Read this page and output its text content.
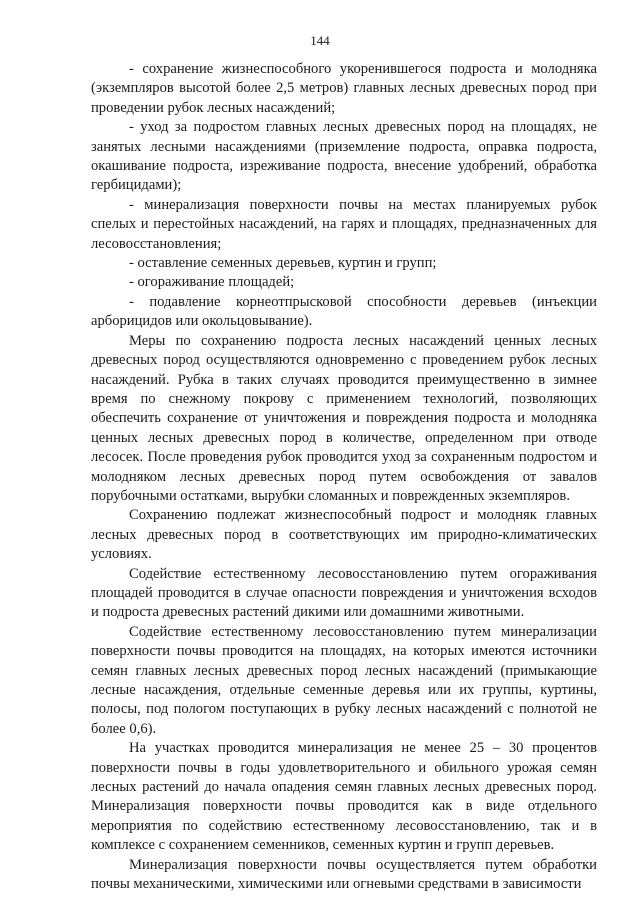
144

- сохранение жизнеспособного укоренившегося подроста и молодняка (экземпляров высотой более 2,5 метров) главных лесных древесных пород при проведении рубок лесных насаждений;

- уход за подростом главных лесных древесных пород на площадях, не занятых лесными насаждениями (приземление подроста, оправка подроста, окашивание подроста, изреживание подроста, внесение удобрений, обработка гербицидами);

- минерализация поверхности почвы на местах планируемых рубок спелых и перестойных насаждений, на гарях и площадях, предназначенных для лесовосстановления;

- оставление семенных деревьев, куртин и групп;

- огораживание площадей;

- подавление корнеотпрысковой способности деревьев (инъекции арборицидов или окольцовывание).

Меры по сохранению подроста лесных насаждений ценных лесных древесных пород осуществляются одновременно с проведением рубок лесных насаждений. Рубка в таких случаях проводится преимущественно в зимнее время по снежному покрову с применением технологий, позволяющих обеспечить сохранение от уничтожения и повреждения подроста и молодняка ценных лесных древесных пород в количестве, определенном при отводе лесосек. После проведения рубок проводится уход за сохраненным подростом и молодняком лесных древесных пород путем освобождения от завалов порубочными остатками, вырубки сломанных и поврежденных экземпляров.

Сохранению подлежат жизнеспособный подрост и молодняк главных лесных древесных пород в соответствующих им природно-климатических условиях.

Содействие естественному лесовосстановлению путем огораживания площадей проводится в случае опасности повреждения и уничтожения всходов и подроста древесных растений дикими или домашними животными.

Содействие естественному лесовосстановлению путем минерализации поверхности почвы проводится на площадях, на которых имеются источники семян главных лесных древесных пород лесных насаждений (примыкающие лесные насаждения, отдельные семенные деревья или их группы, куртины, полосы, под пологом поступающих в рубку лесных насаждений с полнотой не более 0,6).

На участках проводится минерализация не менее 25 – 30 процентов поверхности почвы в годы удовлетворительного и обильного урожая семян лесных растений до начала опадения семян главных лесных древесных пород. Минерализация поверхности почвы проводится как в виде отдельного мероприятия по содействию естественному лесовосстановлению, так и в комплексе с сохранением семенников, семенных куртин и групп деревьев.

Минерализация поверхности почвы осуществляется путем обработки почвы механическими, химическими или огневыми средствами в зависимости
